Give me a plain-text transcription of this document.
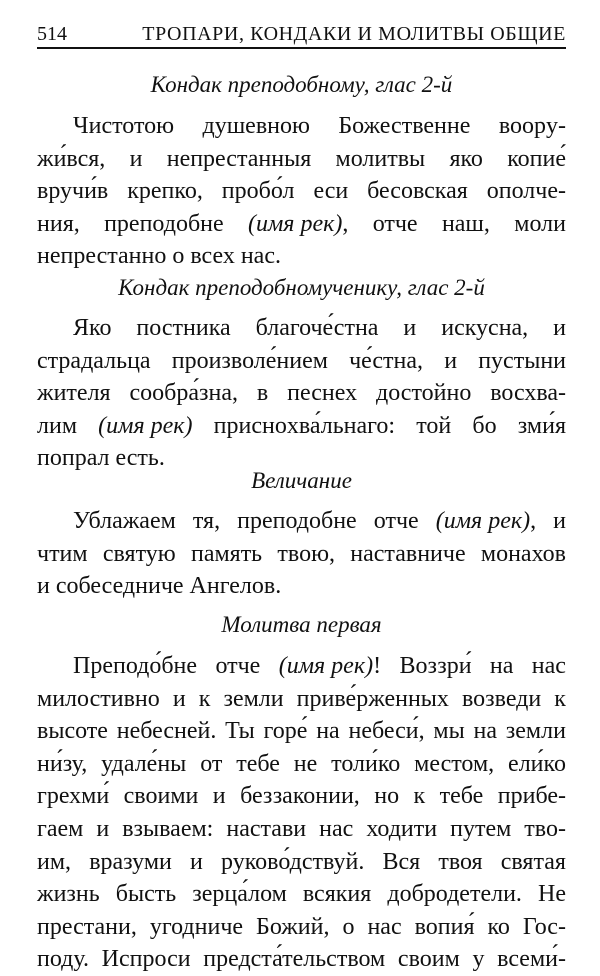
514	ТРОПАРИ, КОНДАКИ И МОЛИТВЫ ОБЩИЕ
Кондак преподобному, глас 2-й
Чистотою душевною Божественне вооpу-
жи́вся, и непрестанныя молитвы яко копие́
вручи́в крепко, пробо́л еси бесовская ополче-
ния, преподобне (имя рек), отче наш, моли
непрестанно о всех нас.
Кондак преподобномученику, глас 2-й
Яко постника благоче́стна и искусна, и
страдальца произволе́нием че́стна, и пустыни
жителя сообра́зна, в песнех достойно восхва-
лим (имя рек) присноxва́льнаго: той бо зми́я
попрал есть.
Величание
Ублажаем тя, преподобне отче (имя рек), и
чтим святую память твою, наставниче монахов
и собеседниче Ангелов.
Молитва первая
Преподо́бне отче (имя рек)! Воззри́ на нас
милостивно и к земли приве́рженных возведи к
высоте небесней. Ты горе́ на небеси́, мы на земли
ни́зу, удале́ны от тебе не толи́ко местом, ели́ко
грехми́ своими и беззаконии, но к тебе прибе-
гаем и взываем: настави нас ходити путем тво-
им, вразуми и руково́дствуй. Вся твоя святая
жизнь бысть зерца́лом всякия добродетели. Не
престани, угодниче Божий, о нас вопия́ ко Гос-
поду. Испроси предста́тельством своим у всеми́-
